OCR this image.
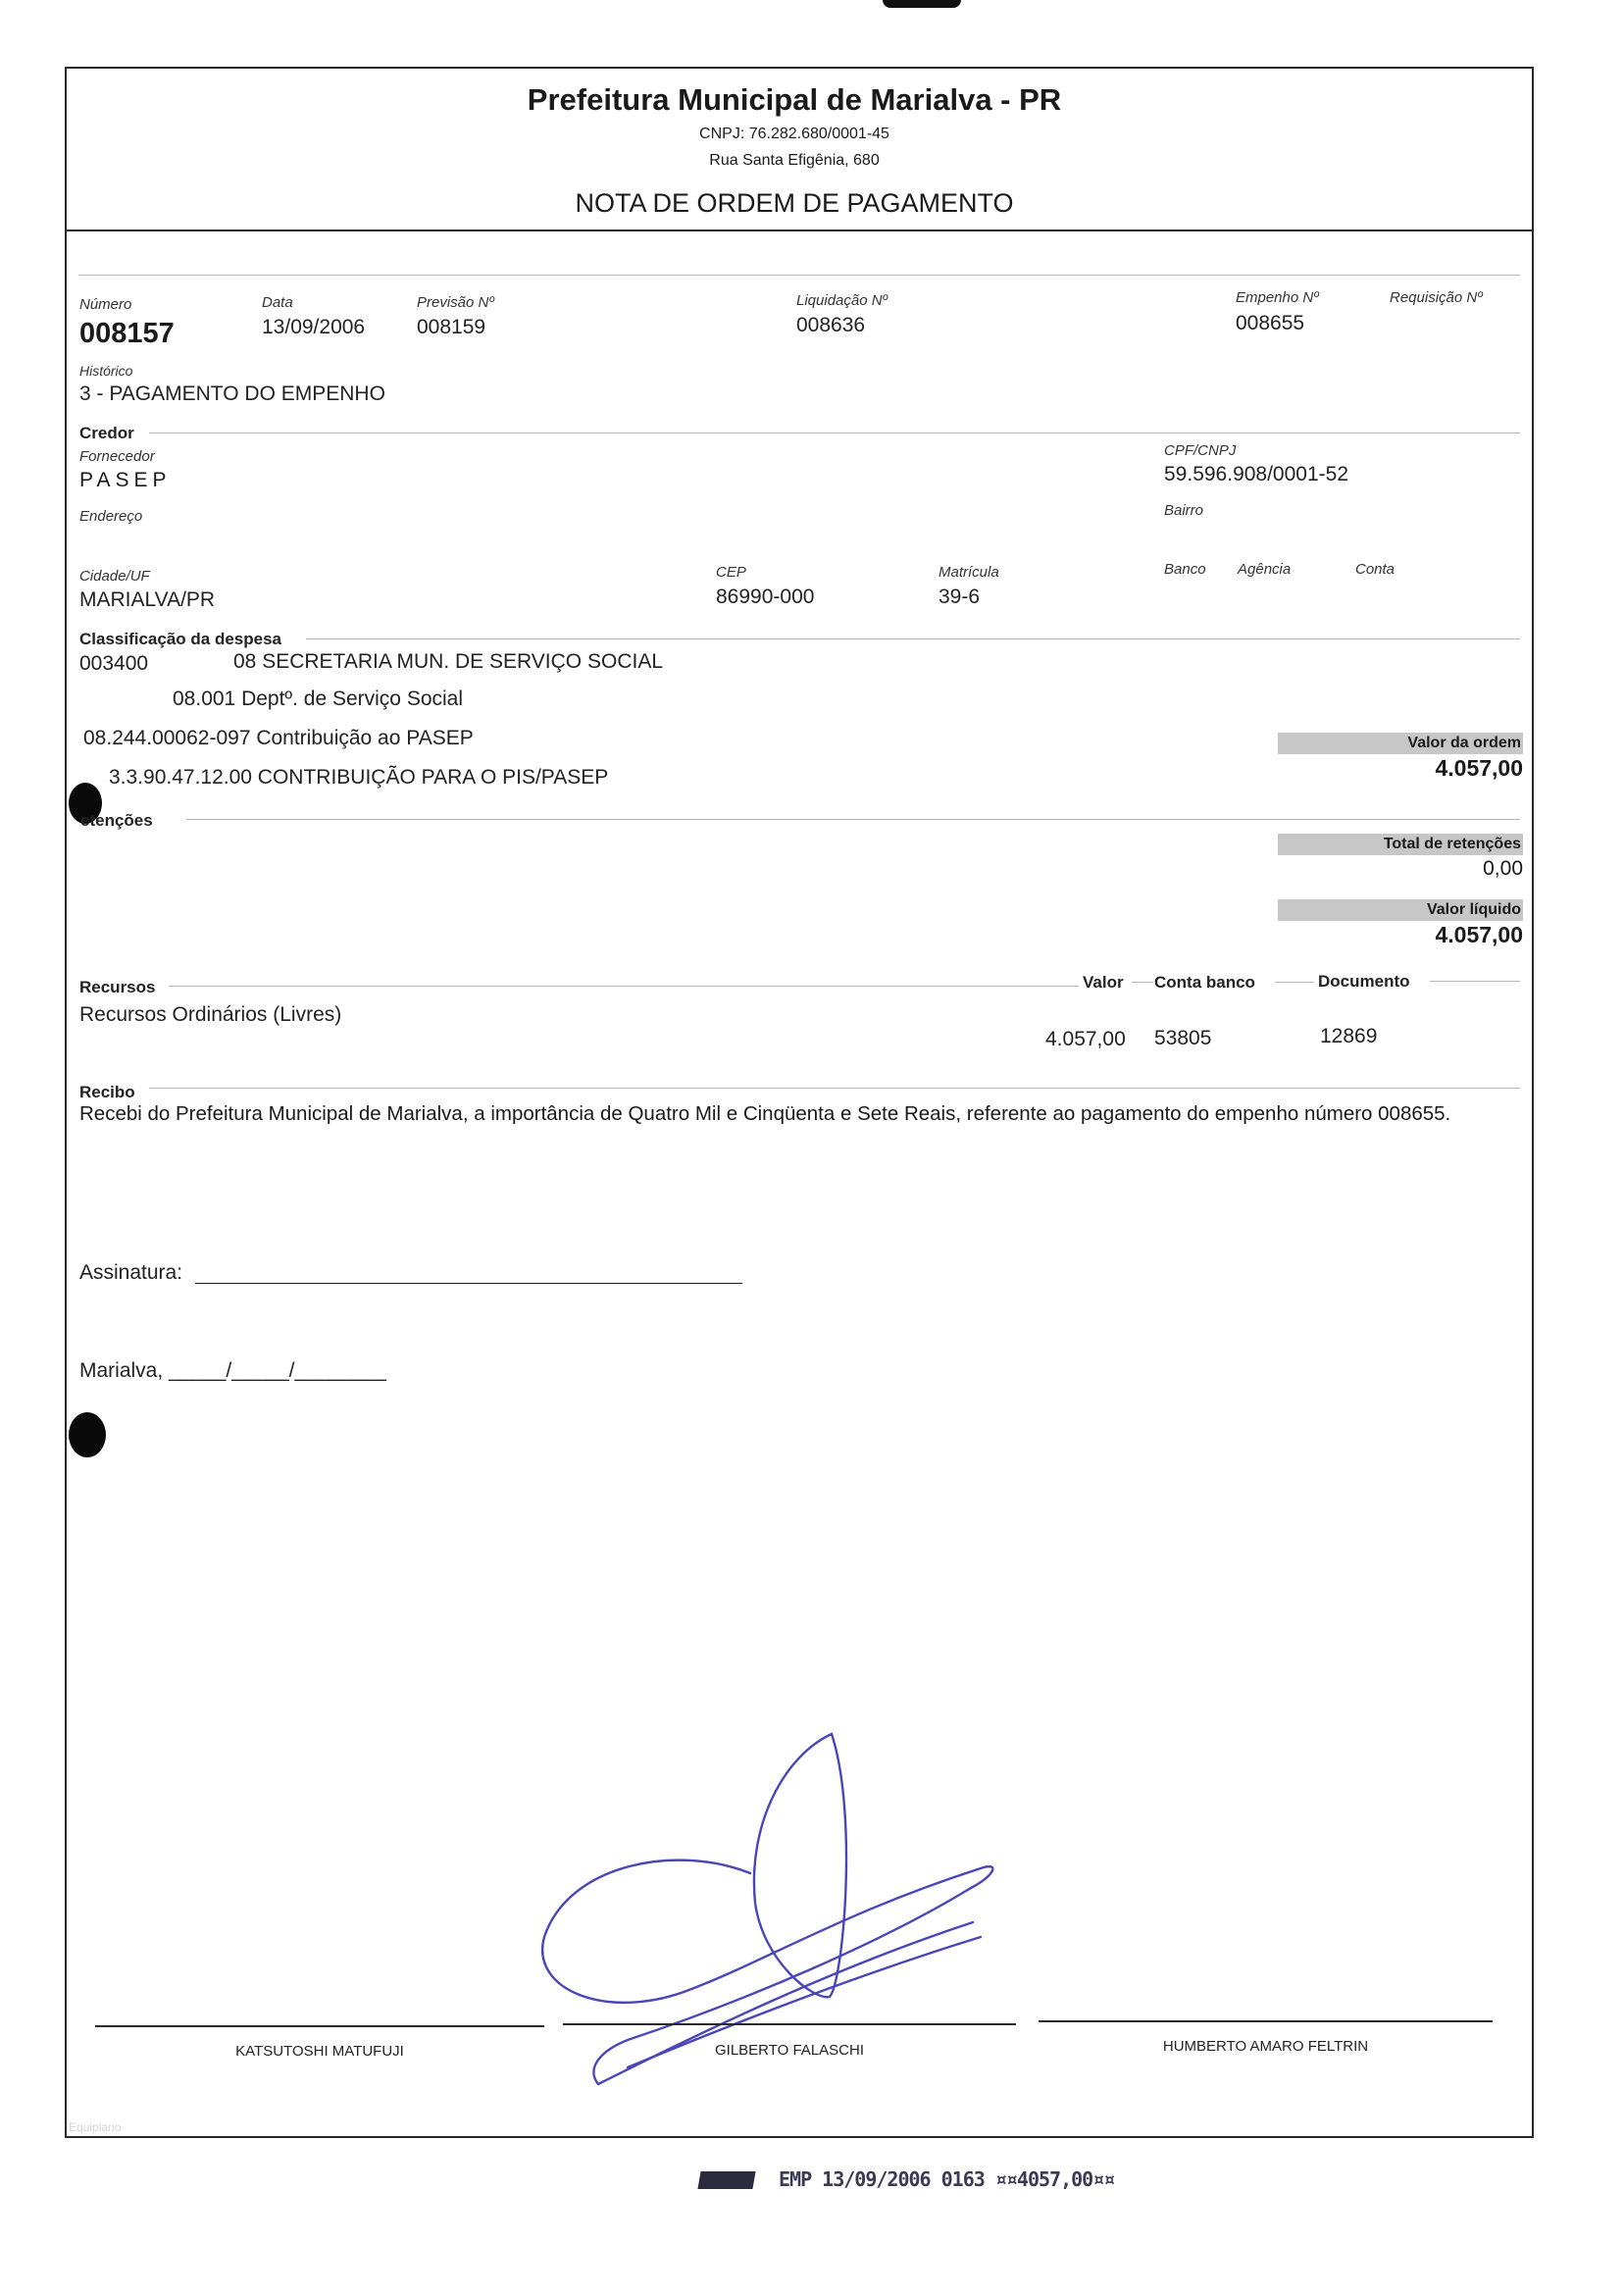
Prefeitura Municipal de Marialva - PR
CNPJ: 76.282.680/0001-45
Rua Santa Efigênia, 680
NOTA DE ORDEM DE PAGAMENTO
Número
008157
Data
13/09/2006
Previsão Nº
008159
Liquidação Nº
008636
Empenho Nº
008655
Requisição Nº
Histórico
3 - PAGAMENTO DO EMPENHO
Credor
Fornecedor
PASEP
CPF/CNPJ
59.596.908/0001-52
Endereço	Bairro
Cidade/UF
MARIALVA/PR
CEP
86990-000
Matrícula
39-6
Banco Agência	Conta
Classificação da despesa
003400	08 SECRETARIA MUN. DE SERVIÇO SOCIAL
08.001 Deptº. de Serviço Social
08.244.00062-097 Contribuição ao PASEP
3.3.90.47.12.00 CONTRIBUIÇÃO PARA O PIS/PASEP
Valor da ordem
4.057,00
etenções
Total de retenções
0,00
Valor líquido
4.057,00
Recursos	Valor Conta banco	Documento
Recursos Ordinários (Livres)
4.057,00 53805	12869
Recibo
Recebi do Prefeitura Municipal de Marialva, a importância de Quatro Mil e Cinqüenta e Sete Reais, referente ao pagamento do empenho número 008655.
Assinatura:
Marialva, _____/_____/________
KATSUTOSHI MATUFUJI	GILBERTO FALASCHI	HUMBERTO AMARO FELTRIN
Equiplano
EMP 13/09/2006 0163 ¤¤4057,00¤¤
